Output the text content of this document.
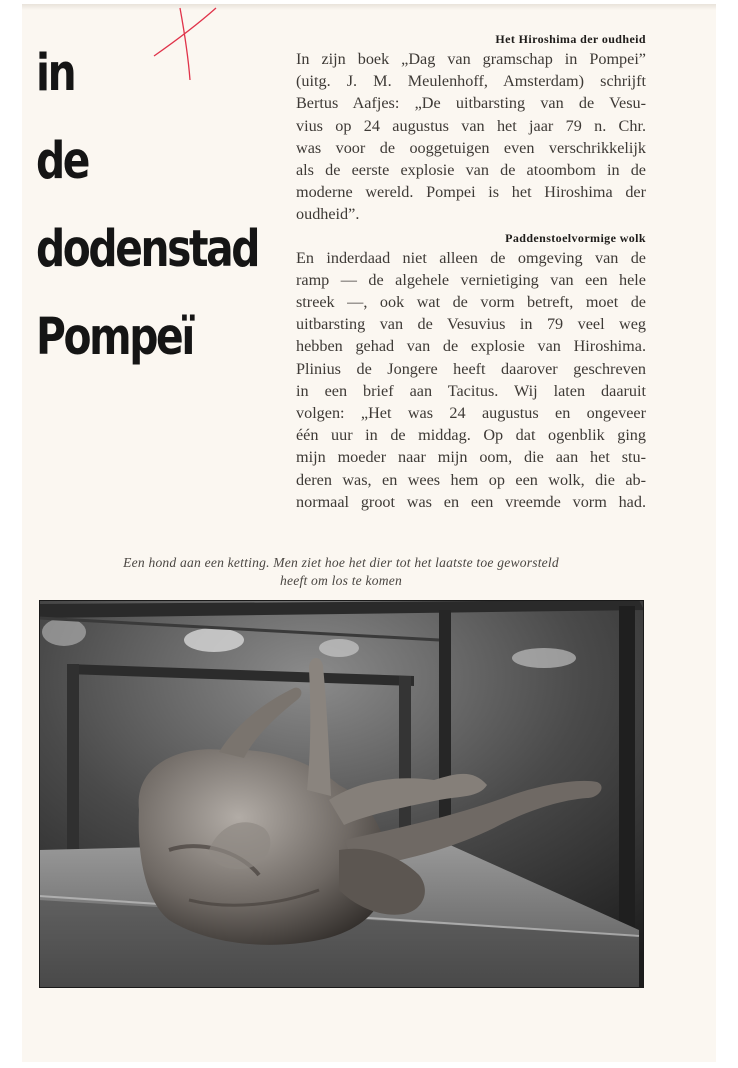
in
de
dodenstad
Pompeï
Het Hiroshima der oudheid

In zijn boek „Dag van gramschap in Pompei”
(uitg. J. M. Meulenhoff, Amsterdam) schrijft
Bertus Aafjes: „De uitbarsting van de Vesu-
vius op 24 augustus van het jaar 79 n. Chr.
was voor de ooggetuigen even verschrikkelijk
als de eerste explosie van de atoombom in de
moderne wereld. Pompei is het Hiroshima der
oudheid”.

Paddenstoelvormige wolk

En inderdaad niet alleen de omgeving van de
ramp — de algehele vernietiging van een hele
streek —, ook wat de vorm betreft, moet de
uitbarsting van de Vesuvius in 79 veel weg
hebben gehad van de explosie van Hiroshima.
Plinius de Jongere heeft daarover geschreven
in een brief aan Tacitus. Wij laten daaruit
volgen: „Het was 24 augustus en ongeveer
één uur in de middag. Op dat ogenblik ging
mijn moeder naar mijn oom, die aan het stu-
deren was, en wees hem op een wolk, die ab-
normaal groot was en een vreemde vorm had.

Een hond aan een ketting. Men ziet hoe het dier tot het laatste toe geworsteld
heeft om los te komen
